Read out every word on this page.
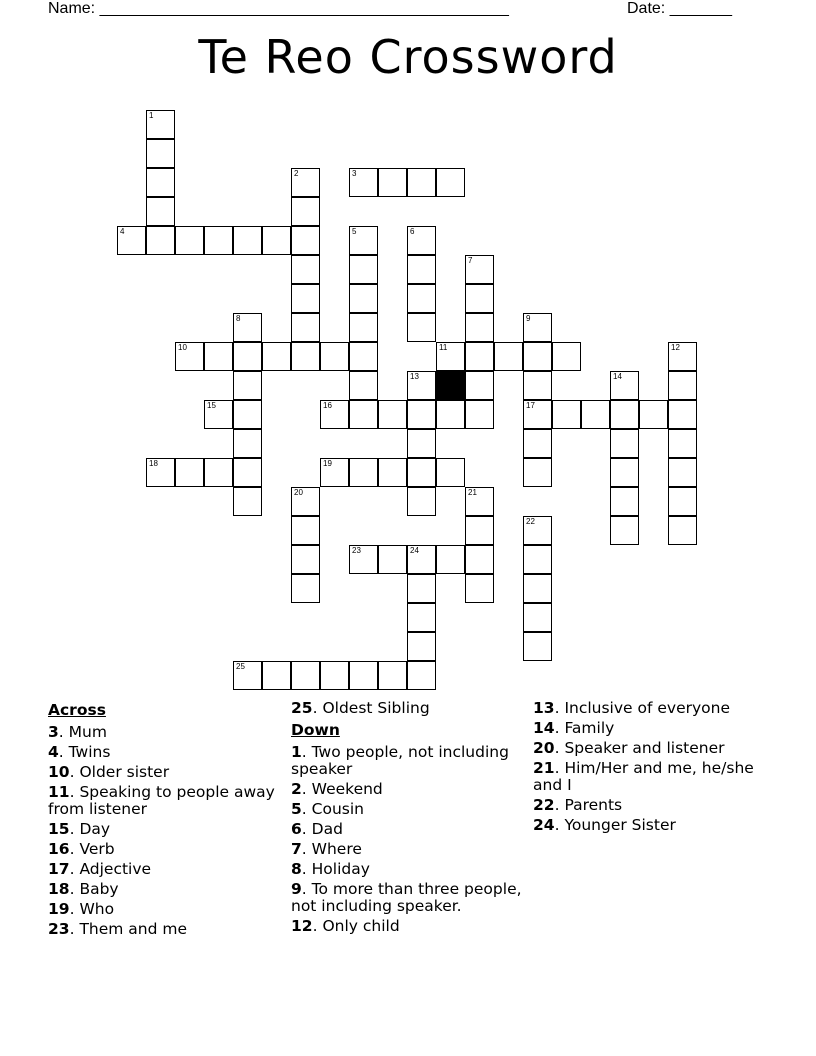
Name: ______________________________________________	Date: _______
Te Reo Crossword
1
2	3
4	5	6
7
8	9
17
10	11	12
13	14
15	16
18	19
20	21
22
23	24
25
Across
3. Mum
4. Twins
10. Older sister
11. Speaking to people away from listener
15. Day
16. Verb
17. Adjective
18. Baby
19. Who
23. Them and me
25. Oldest Sibling
Down
1. Two people, not including speaker
2. Weekend
5. Cousin
6. Dad
7. Where
8. Holiday
9. To more than three people, not including speaker.
12. Only child
13. Inclusive of everyone
14. Family
20. Speaker and listener
21. Him/Her and me, he/she and I
22. Parents
24. Younger Sister
